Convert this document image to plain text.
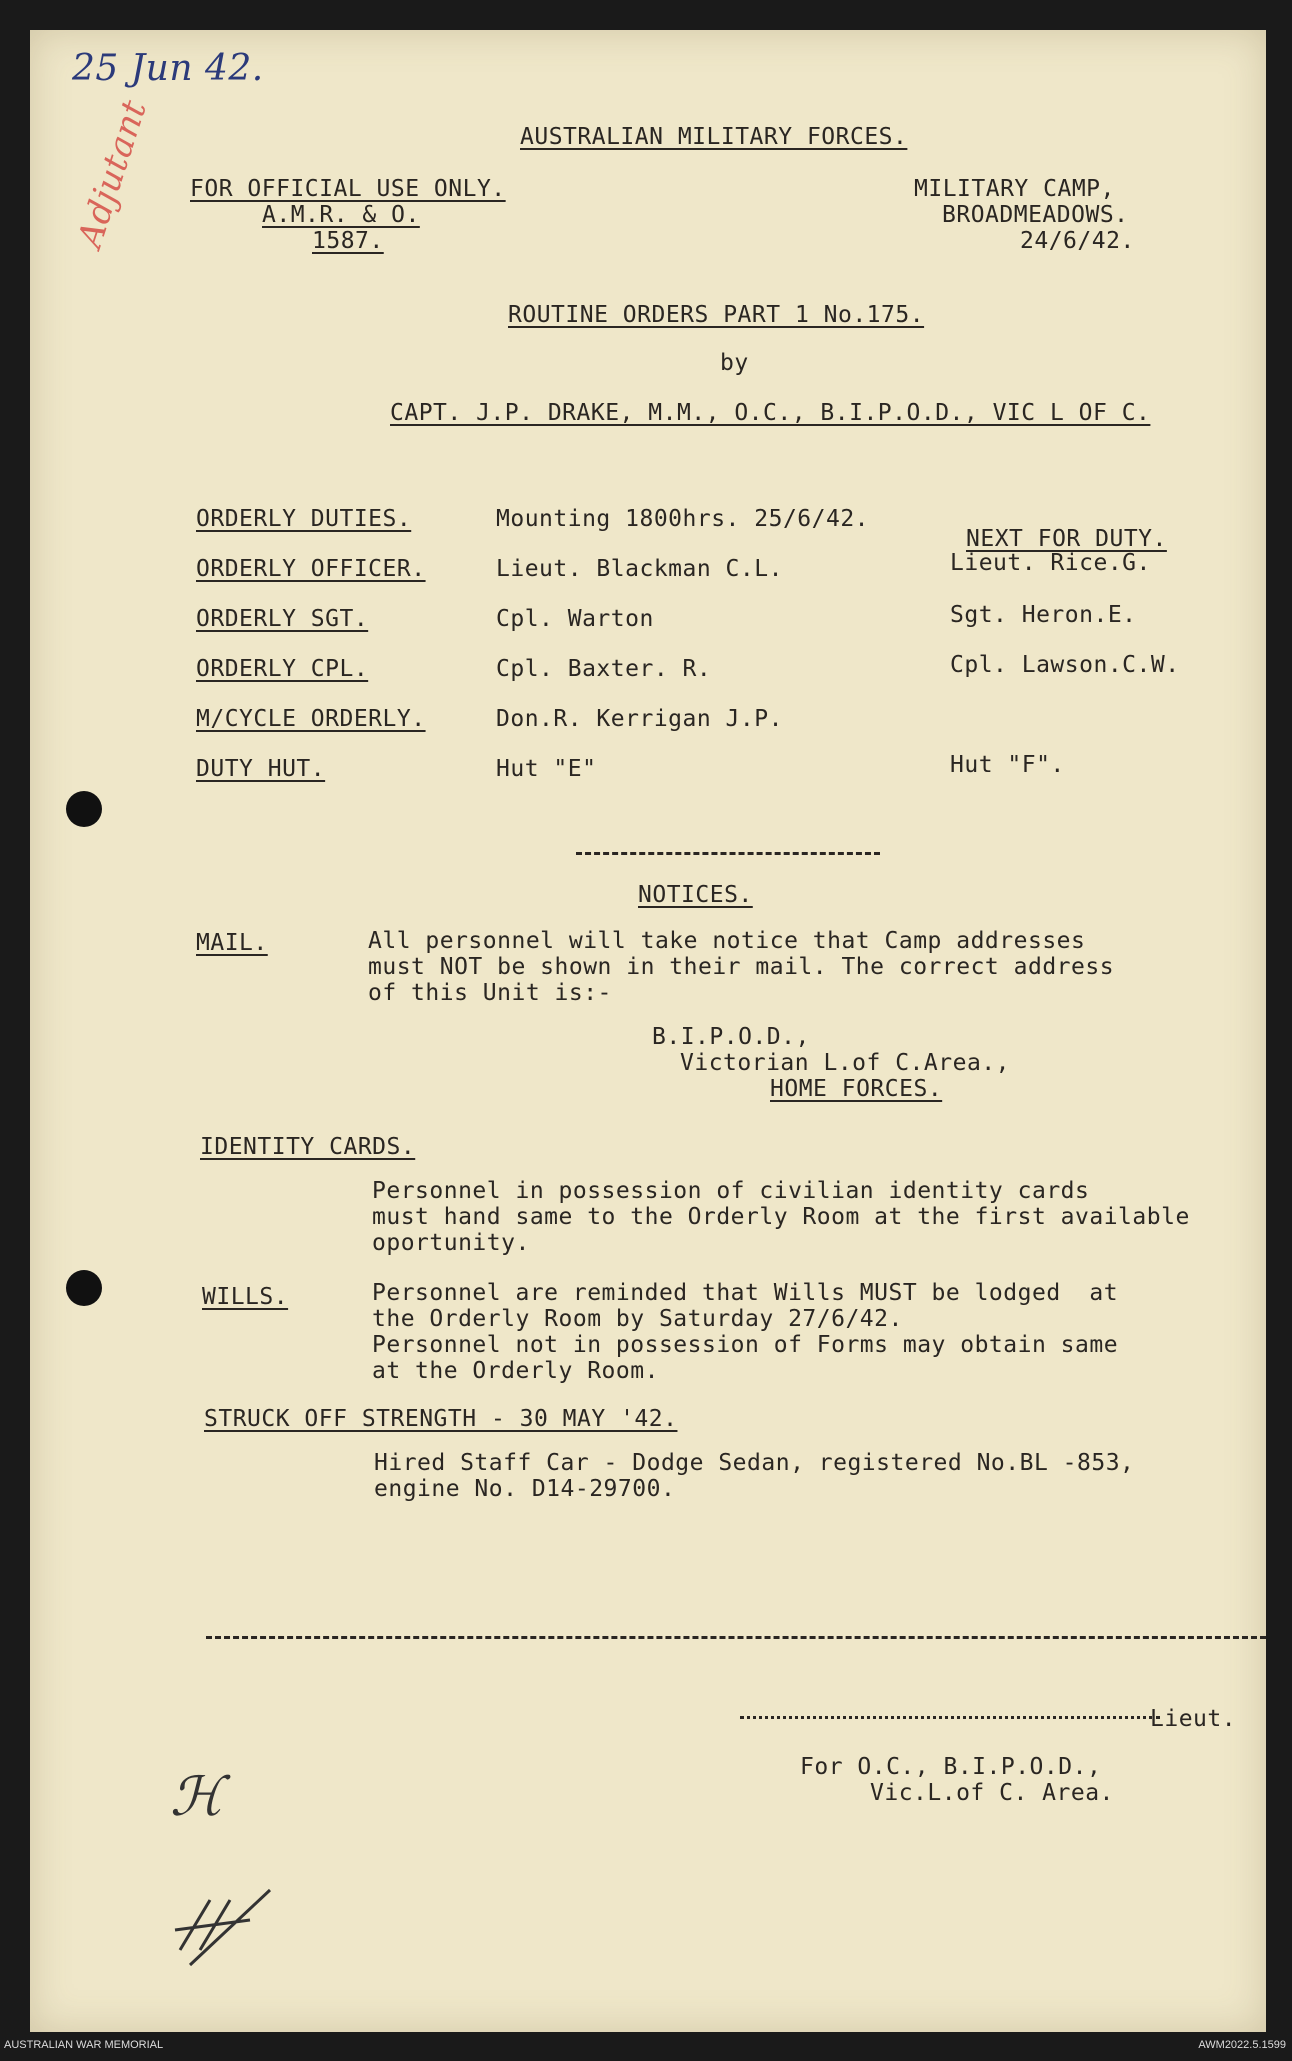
25 Jun 42.
Adjutant
ℋ
AUSTRALIAN MILITARY FORCES.
FOR OFFICIAL USE ONLY.
A.M.R. & O.
1587.
MILITARY CAMP,
BROADMEADOWS.
24/6/42.
ROUTINE ORDERS PART 1 No.175.
by
CAPT. J.P. DRAKE, M.M., O.C., B.I.P.O.D., VIC L OF C.
NEXT FOR DUTY.
ORDERLY DUTIES.	Mounting 1800hrs. 25/6/42.
ORDERLY OFFICER.	Lieut. Blackman C.L.	Lieut. Rice.G.
ORDERLY SGT.	Cpl. Warton	Sgt. Heron.E.
ORDERLY CPL.	Cpl. Baxter. R.	Cpl. Lawson.C.W.
M/CYCLE ORDERLY.	Don.R. Kerrigan J.P.
DUTY HUT.	Hut "E"	Hut "F".
NOTICES.
MAIL.	All personnel will take notice that Camp addresses
must NOT be shown in their mail. The correct address
of this Unit is:-
B.I.P.O.D.,
Victorian L.of C.Area.,
HOME FORCES.
IDENTITY CARDS.
Personnel in possession of civilian identity cards
must hand same to the Orderly Room at the first available
oportunity.
WILLS.	Personnel are reminded that Wills MUST be lodged  at
the Orderly Room by Saturday 27/6/42.
Personnel not in possession of Forms may obtain same
at the Orderly Room.
STRUCK OFF STRENGTH - 30 MAY '42.
Hired Staff Car - Dodge Sedan, registered No.BL -853,
engine No. D14-29700.
Lieut.
For O.C., B.I.P.O.D.,
Vic.L.of C. Area.
AUSTRALIAN WAR MEMORIAL	AWM2022.5.1599
